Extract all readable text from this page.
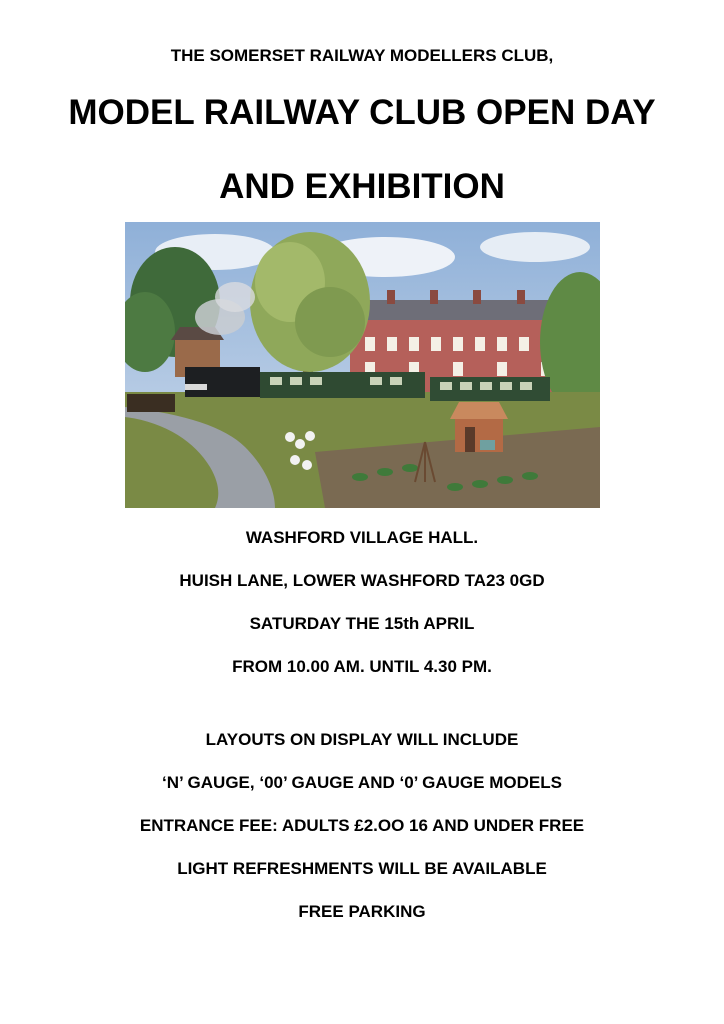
THE SOMERSET RAILWAY MODELLERS CLUB,

MODEL RAILWAY CLUB OPEN DAY

AND EXHIBITION

WASHFORD VILLAGE HALL.

HUISH LANE, LOWER WASHFORD TA23 0GD

SATURDAY THE 15th APRIL

FROM 10.00 AM. UNTIL 4.30 PM.

LAYOUTS ON DISPLAY WILL INCLUDE

‘N’ GAUGE, ‘00’ GAUGE AND ‘0’ GAUGE MODELS

ENTRANCE FEE: ADULTS £2.OO 16 AND UNDER FREE

LIGHT REFRESHMENTS WILL BE AVAILABLE

FREE PARKING
